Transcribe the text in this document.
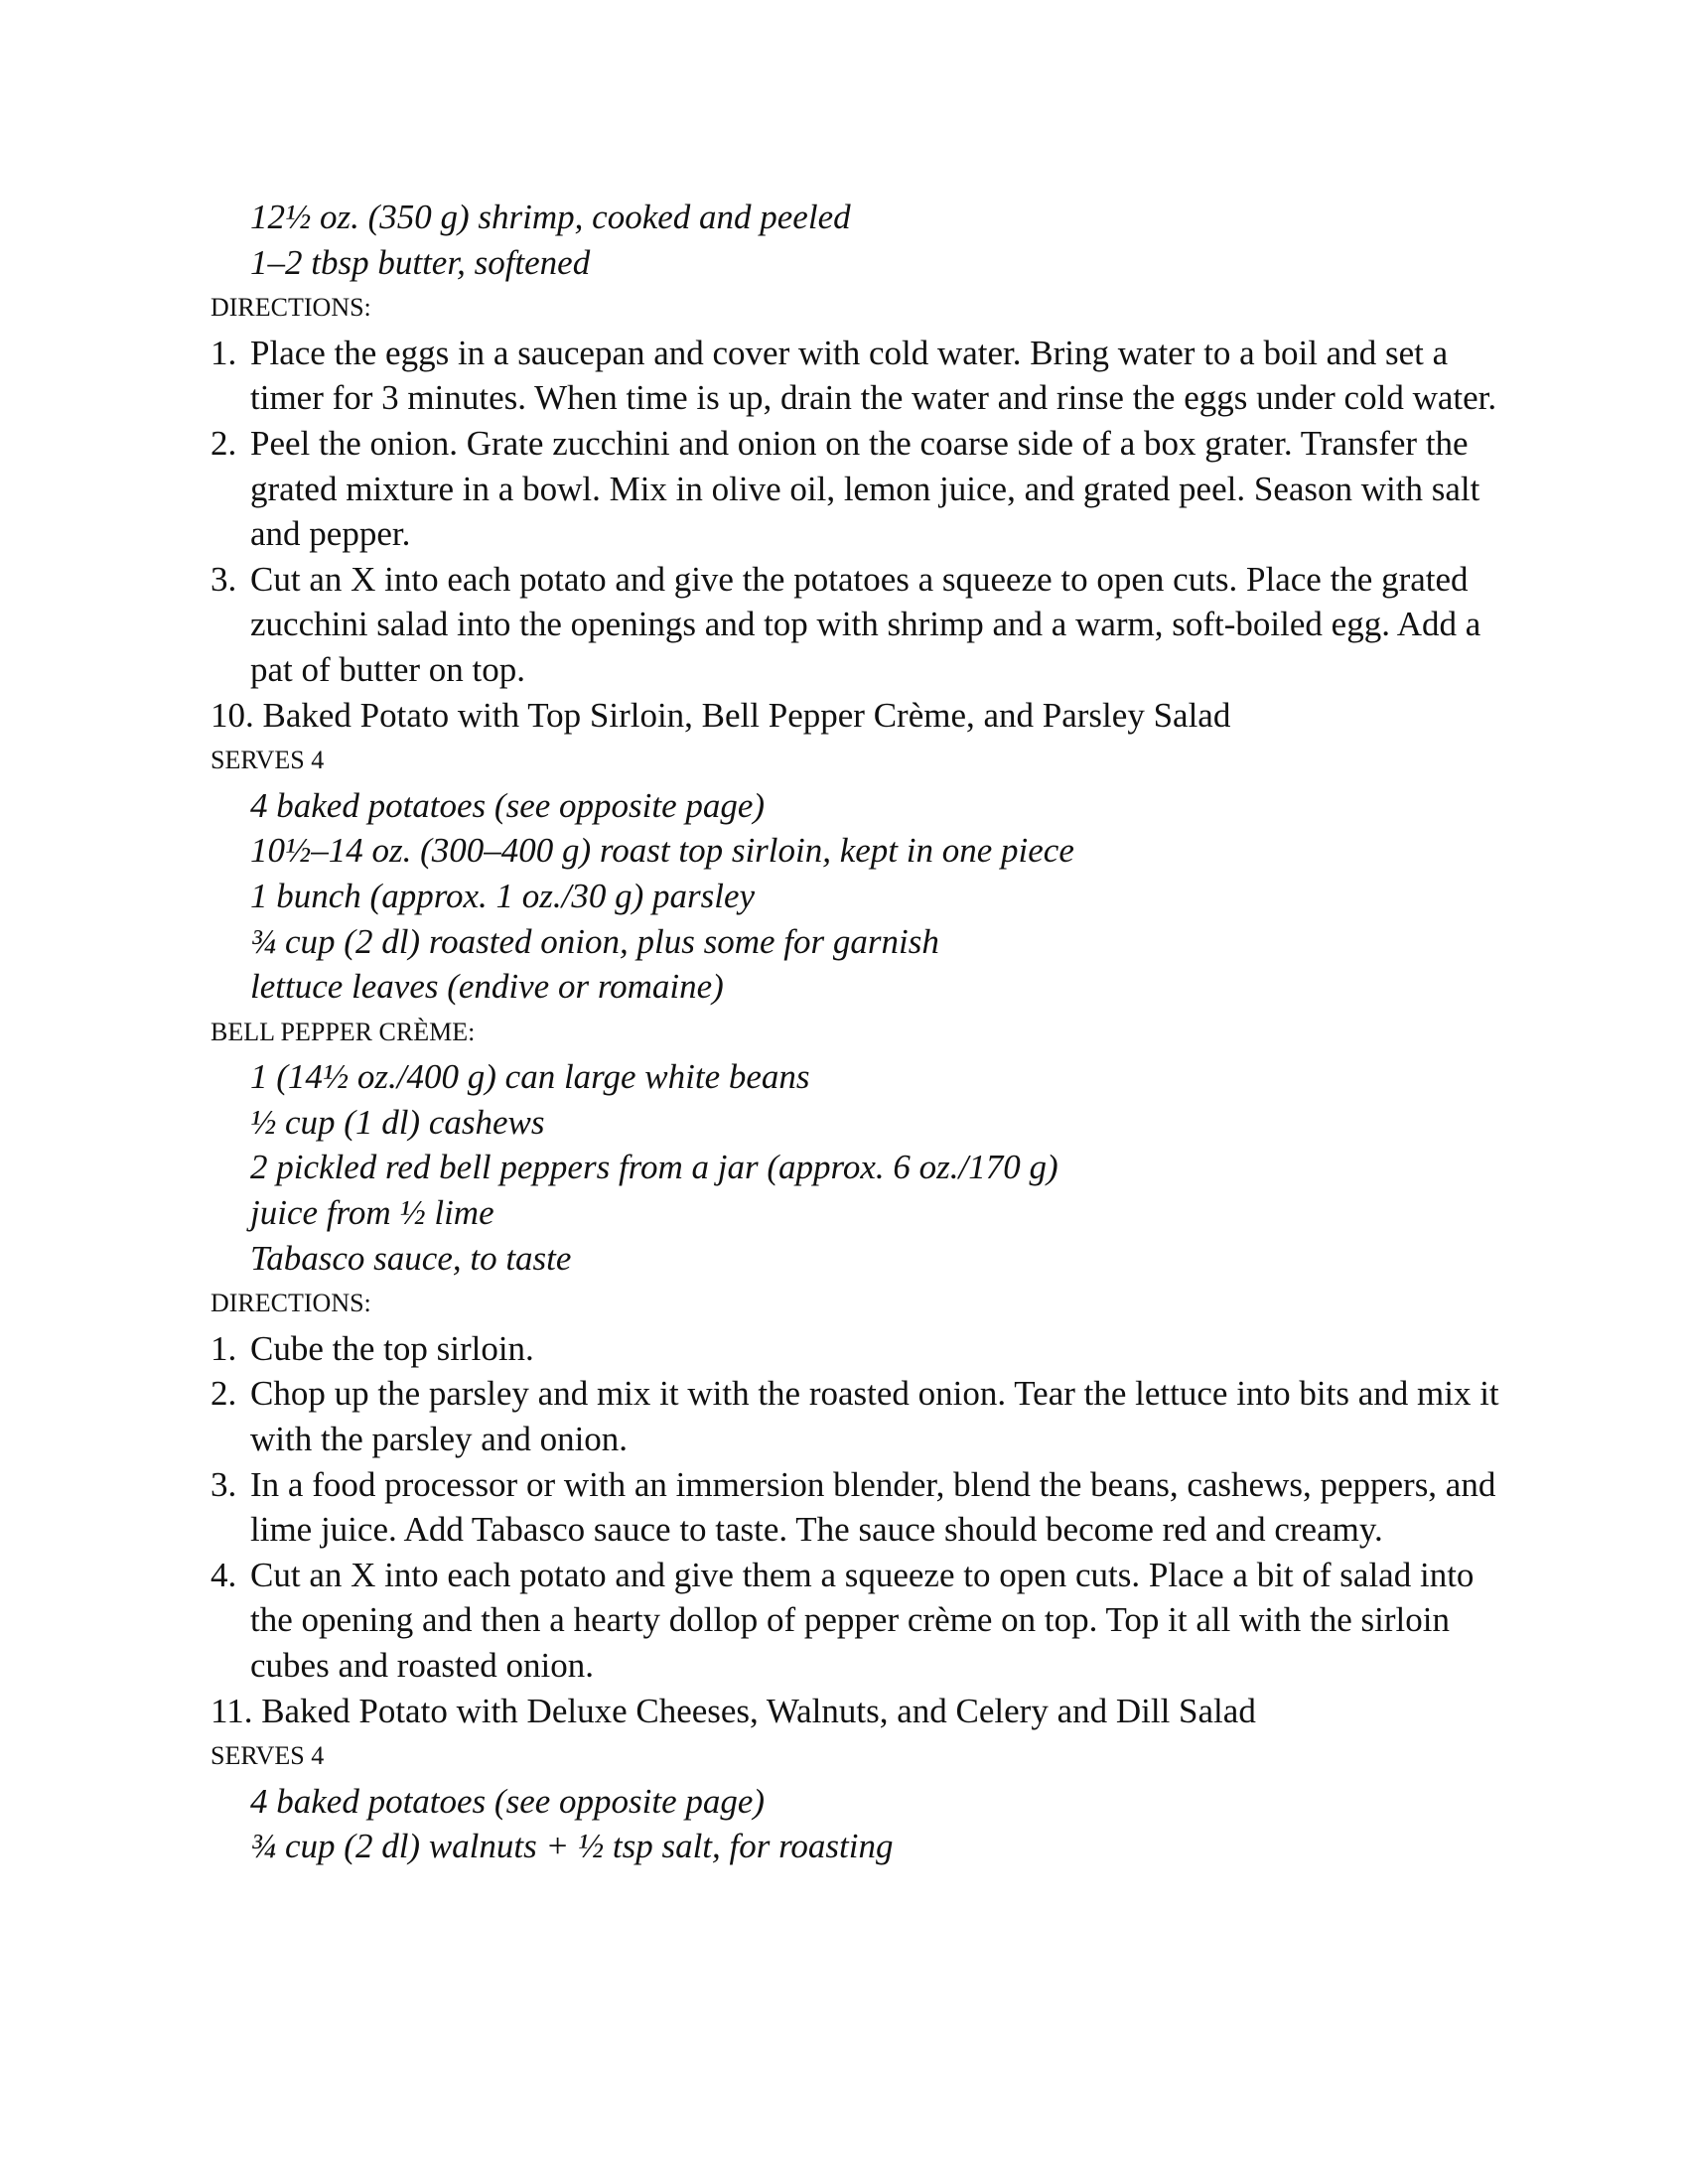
12½ oz. (350 g) shrimp, cooked and peeled
1–2 tbsp butter, softened
DIRECTIONS:
1. Place the eggs in a saucepan and cover with cold water. Bring water to a boil and set a timer for 3 minutes. When time is up, drain the water and rinse the eggs under cold water.
2. Peel the onion. Grate zucchini and onion on the coarse side of a box grater. Transfer the grated mixture in a bowl. Mix in olive oil, lemon juice, and grated peel. Season with salt and pepper.
3. Cut an X into each potato and give the potatoes a squeeze to open cuts. Place the grated zucchini salad into the openings and top with shrimp and a warm, soft-boiled egg. Add a pat of butter on top.
10. Baked Potato with Top Sirloin, Bell Pepper Crème, and Parsley Salad
SERVES 4
4 baked potatoes (see opposite page)
10½–14 oz. (300–400 g) roast top sirloin, kept in one piece
1 bunch (approx. 1 oz./30 g) parsley
¾ cup (2 dl) roasted onion, plus some for garnish
lettuce leaves (endive or romaine)
BELL PEPPER CRÈME:
1 (14½ oz./400 g) can large white beans
½ cup (1 dl) cashews
2 pickled red bell peppers from a jar (approx. 6 oz./170 g)
juice from ½ lime
Tabasco sauce, to taste
DIRECTIONS:
1. Cube the top sirloin.
2. Chop up the parsley and mix it with the roasted onion. Tear the lettuce into bits and mix it with the parsley and onion.
3. In a food processor or with an immersion blender, blend the beans, cashews, peppers, and lime juice. Add Tabasco sauce to taste. The sauce should become red and creamy.
4. Cut an X into each potato and give them a squeeze to open cuts. Place a bit of salad into the opening and then a hearty dollop of pepper crème on top. Top it all with the sirloin cubes and roasted onion.
11. Baked Potato with Deluxe Cheeses, Walnuts, and Celery and Dill Salad
SERVES 4
4 baked potatoes (see opposite page)
¾ cup (2 dl) walnuts + ½ tsp salt, for roasting
